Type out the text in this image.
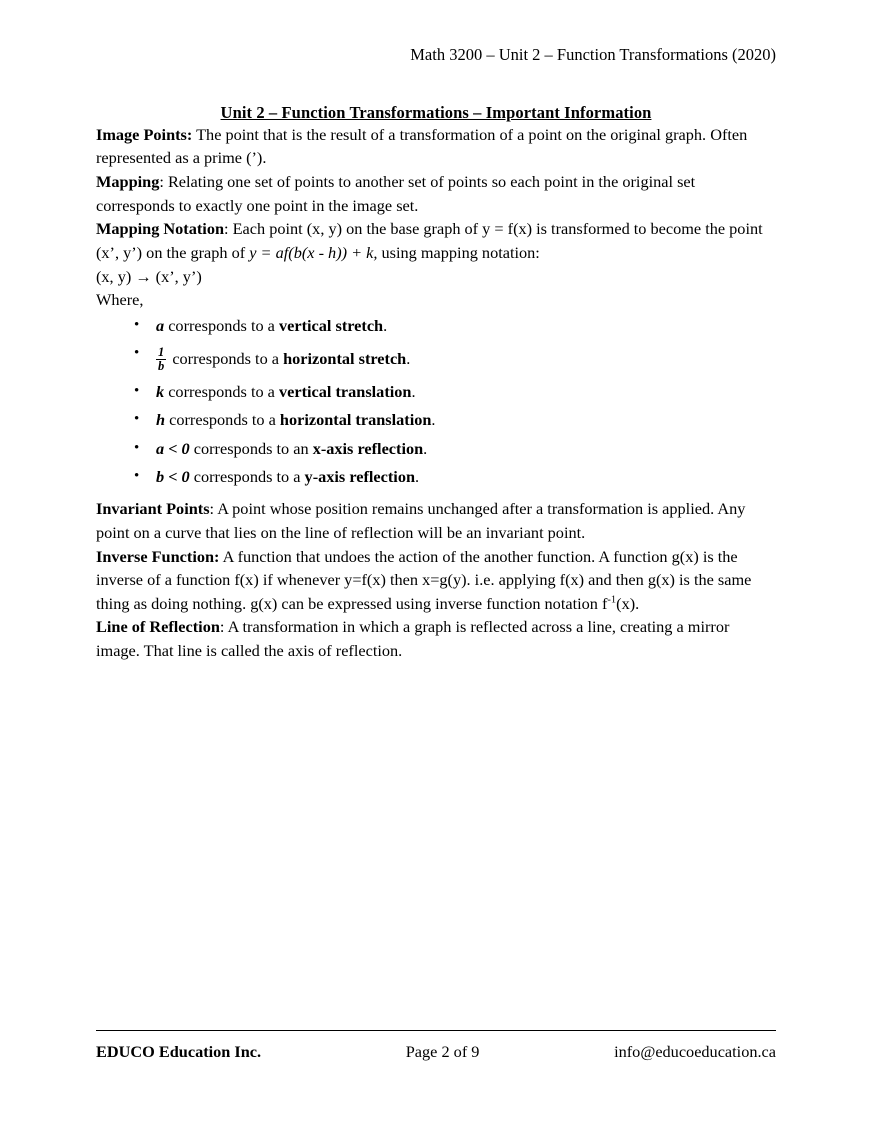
Math 3200 – Unit 2 – Function Transformations (2020)
Unit 2 – Function Transformations – Important Information

Image Points: The point that is the result of a transformation of a point on the original graph. Often represented as a prime (’).

Mapping: Relating one set of points to another set of points so each point in the original set corresponds to exactly one point in the image set.

Mapping Notation: Each point (x, y) on the base graph of y = f(x) is transformed to become the point (x’, y’) on the graph of y = af(b(x - h)) + k, using mapping notation:

(x, y) → (x’, y’)

Where,

• a corresponds to a vertical stretch.
• $\frac{1}{b}$ corresponds to a horizontal stretch.
• k corresponds to a vertical translation.
• h corresponds to a horizontal translation.
• a < 0 corresponds to an x-axis reflection.
• b < 0 corresponds to a y-axis reflection.

Invariant Points: A point whose position remains unchanged after a transformation is applied. Any point on a curve that lies on the line of reflection will be an invariant point.

Inverse Function: A function that undoes the action of the another function. A function g(x) is the inverse of a function f(x) if whenever y=f(x) then x=g(y). i.e. applying f(x) and then g(x) is the same thing as doing nothing. g(x) can be expressed using inverse function notation $f^{-1}(x)$.

Line of Reflection: A transformation in which a graph is reflected across a line, creating a mirror image. That line is called the axis of reflection.

EDUCO Education Inc.	Page 2 of 9	info@educoeducation.ca
